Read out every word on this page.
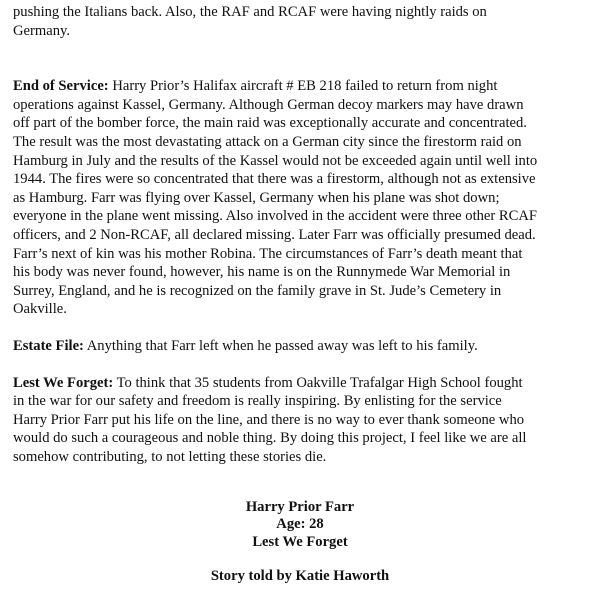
pushing the Italians back. Also, the RAF and RCAF were having nightly raids on
Germany.

End of Service: Harry Prior’s Halifax aircraft # EB 218 failed to return from night
operations against Kassel, Germany. Although German decoy markers may have drawn
off part of the bomber force, the main raid was exceptionally accurate and concentrated.
The result was the most devastating attack on a German city since the firestorm raid on
Hamburg in July and the results of the Kassel would not be exceeded again until well into
1944. The fires were so concentrated that there was a firestorm, although not as extensive
as Hamburg. Farr was flying over Kassel, Germany when his plane was shot down;
everyone in the plane went missing. Also involved in the accident were three other RCAF
officers, and 2 Non-RCAF, all declared missing. Later Farr was officially presumed dead.
Farr’s next of kin was his mother Robina. The circumstances of Farr’s death meant that
his body was never found, however, his name is on the Runnymede War Memorial in
Surrey, England, and he is recognized on the family grave in St. Jude’s Cemetery in
Oakville.

Estate File: Anything that Farr left when he passed away was left to his family.

Lest We Forget: To think that 35 students from Oakville Trafalgar High School fought
in the war for our safety and freedom is really inspiring. By enlisting for the service
Harry Prior Farr put his life on the line, and there is no way to ever thank someone who
would do such a courageous and noble thing. By doing this project, I feel like we are all
somehow contributing, to not letting these stories die.

Harry Prior Farr
Age: 28
Lest We Forget
Story told by Katie Haworth
